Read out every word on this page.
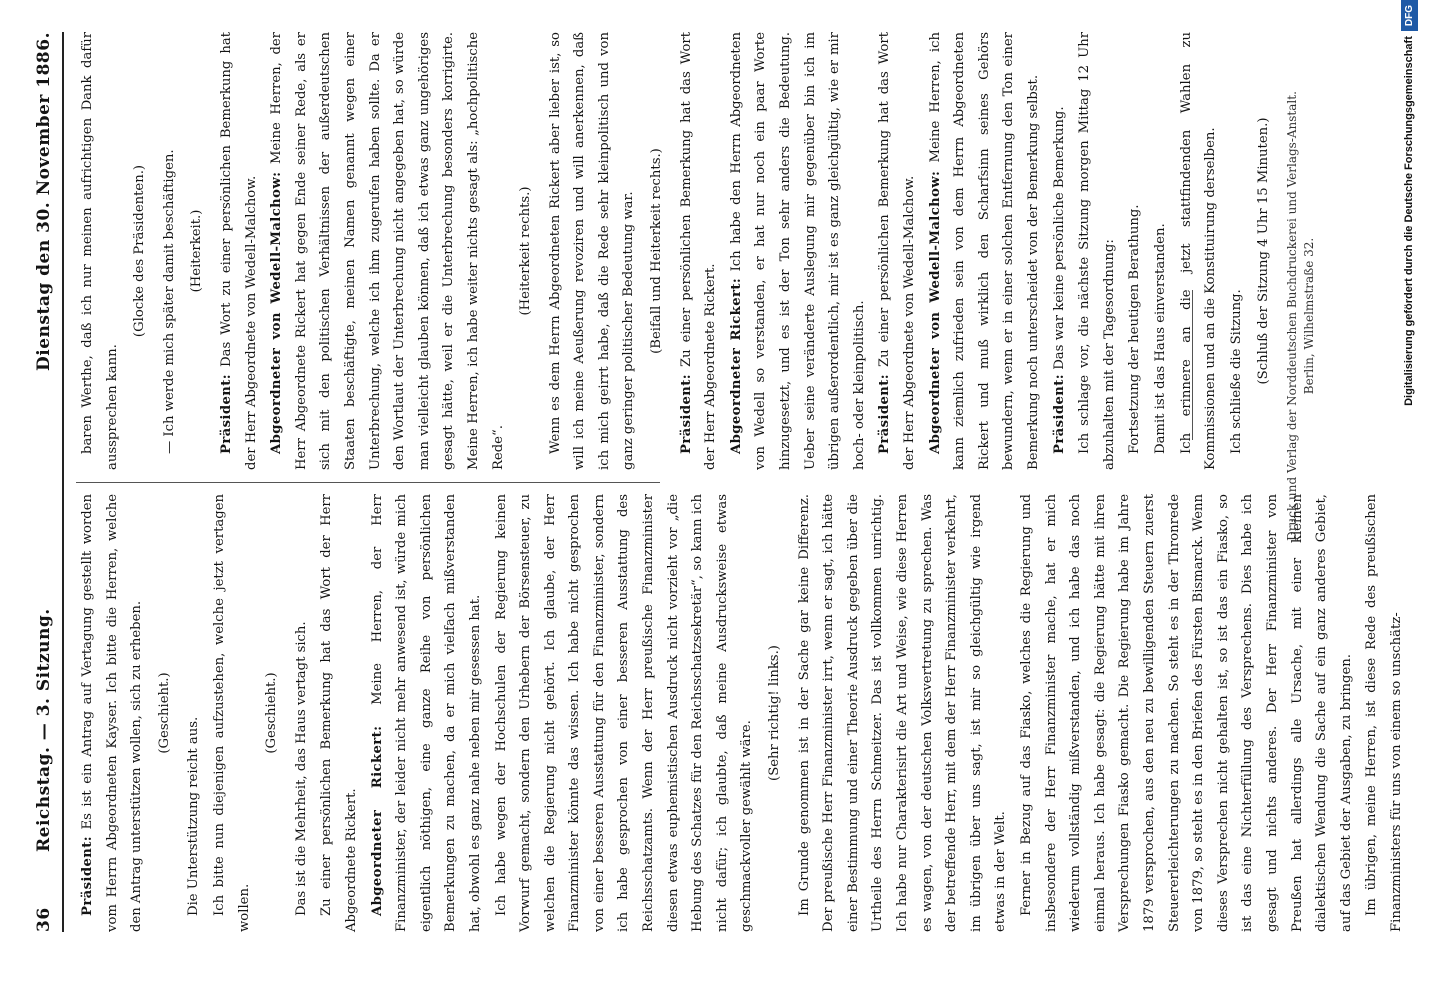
36
Reichstag. — 3. Sitzung.
Dienstag den 30. November 1886.

Präsident: Es ist ein Antrag auf Vertagung gestellt worden vom Herrn Abgeordneten Kayser. Ich bitte die Herren, welche den Antrag unterstützen wollen, sich zu erheben. (Geschieht.)

Die Unterstützung reicht aus. Ich bitte nun diejenigen aufzustehen, welche jetzt vertagen wollen.

(Geschieht.)	Das ist die Mehrheit, das Haus vertagt sich. Zu einer persönlichen Bemerkung hat das Wort der Herr Abgeordnete Rickert. Abgeordneter Rickert: Meine Herren, der Herr Finanzminister, der leider nicht mehr anwesend ist, würde mich eigentlich nöthigen, eine ganze Reihe von persönlichen Bemerkungen zu machen, da er mich vielfach mißverstanden hat, obwohl es ganz nahe neben mir gesessen hat. Ich habe wegen der Hochschulen der Regierung keinen Vorwurf gemacht, sondern den Urhebern der Börsensteuer, zu welchen die Regierung nicht gehört. Ich glaube, der Herr Finanzminister könnte das wissen. Ich habe nicht gesprochen von einer besseren Ausstattung für den Finanzminister, sondern ich habe gesprochen von einer besseren Ausstattung des Reichsschatzamts. Wenn der Herr preußische Finanzminister diesen etwas euphemistischen Ausdruck nicht vorzieht vor „die Hebung des Schatzes für den Reichsschatzsekretär“, so kann ich nicht dafür; ich glaubte, daß meine Ausdrucksweise etwas geschmackvoller gewählt wäre.

(Sehr richtig! links.)	Im Grunde genommen ist in der Sache gar keine Differenz. Der preußische Herr Finanzminister irrt, wenn er sagt, ich hätte einer Bestimmung und einer Theorie Ausdruck gegeben über die Urtheile des Herrn Schmeitzer. Das ist vollkommen unrichtig. Ich habe nur Charakterisirt die Art und Weise, wie diese Herren es wagen, von der deutschen Volksvertretung zu sprechen. Was der betreffende Herr, mit dem der Herr Finanzminister verkehrt, im übrigen über uns sagt, ist mir so gleichgültig wie irgend etwas in der Welt. Ferner in Bezug auf das Fiasko, welches die Regierung und insbesondere der Herr Finanzminister mache, hat er mich wiederum vollständig mißverstanden, und ich habe das noch einmal heraus. Ich habe gesagt: die Regierung hätte mit ihren Versprechungen Fiasko gemacht. Die Regierung habe im Jahre 1879 versprochen, aus den neu zu bewilligenden Steuern zuerst Steuererleichterungen zu machen. So steht es in der Thronrede von 1879, so steht es in den Briefen des Fürsten Bismarck. Wenn dieses Versprechen nicht gehalten ist, so ist das ein Fiasko, so ist das eine Nichterfüllung des Versprechens. Dies habe ich gesagt und nichts anderes. Der Herr Finanzminister von Preußen hat allerdings alle Ursache, mit einer kleinen dialektischen Wendung die Sache auf ein ganz anderes Gebiet, auf das Gebiet der Ausgaben, zu bringen. Im übrigen, meine Herren, ist diese Rede des preußischen Finanzministers für uns von einem so unschätz-

baren Werthe, daß ich nur meinen aufrichtigen Dank dafür aussprechen kann.

(Glocke des Präsidenten.)	— Ich werde mich später damit beschäftigen. (Heiterkeit.)

Präsident: Das Wort zu einer persönlichen Bemerkung hat der Herr Abgeordnete von Wedell-Malchow. Abgeordneter von Wedell-Malchow: Meine Herren, der Herr Abgeordnete Rickert hat gegen Ende seiner Rede, als er sich mit den politischen Verhältnissen der außerdeutschen Staaten beschäftigte, meinen Namen genannt wegen einer Unterbrechung, welche ich ihm zugerufen haben sollte. Da er den Wortlaut der Unterbrechung nicht angegeben hat, so würde man vielleicht glauben können, daß ich etwas ganz ungehöriges gesagt hätte, weil er die Unterbrechung besonders korrigirte. Meine Herren, ich habe weiter nichts gesagt als: „hochpolitische Rede“.

(Heiterkeit rechts.)	Wenn es dem Herrn Abgeordneten Rickert aber lieber ist, so will ich meine Aeußerung revoziren und will anerkennen, daß ich mich geirrt habe, daß die Rede sehr kleinpolitisch und von ganz geringer politischer Bedeutung war. (Beifall und Heiterkeit rechts.)

Präsident: Zu einer persönlichen Bemerkung hat das Wort der Herr Abgeordnete Rickert. Abgeordneter Rickert: Ich habe den Herrn Abgeordneten von Wedell so verstanden, er hat nur noch ein paar Worte hinzugesetzt, und es ist der Ton sehr anders die Bedeutung. Ueber seine veränderte Auslegung mir gegenüber bin ich im übrigen außerordentlich, mir ist es ganz gleichgültig, wie er mir hoch- oder kleinpolitisch. Präsident: Zu einer persönlichen Bemerkung hat das Wort der Herr Abgeordnete von Wedell-Malchow. Abgeordneter von Wedell-Malchow: Meine Herren, ich kann ziemlich zufrieden sein von dem Herrn Abgeordneten Rickert und muß wirklich den Scharfsinn seines Gehörs bewundern, wenn er in einer solchen Entfernung den Ton einer Bemerkung noch unterscheidet von der Bemerkung selbst. Präsident: Das war keine persönliche Bemerkung. Ich schlage vor, die nächste Sitzung morgen Mittag 12 Uhr abzuhalten mit der Tagesordnung: Fortsetzung der heutigen Berathung. Damit ist das Haus einverstanden. Ich erinnere an die jetzt stattfindenden Wahlen zu Kommissionen und an die Konstituirung derselben. Ich schließe die Sitzung. (Schluß der Sitzung 4 Uhr 15 Minuten.)	Druck und Verlag der Norddeutschen Buchdruckerei und Verlags-Anstalt. Berlin, Wilhelmstraße 32.	Digitalisierung gefördert durch die Deutsche ForschungsgemeinschaftDFG
